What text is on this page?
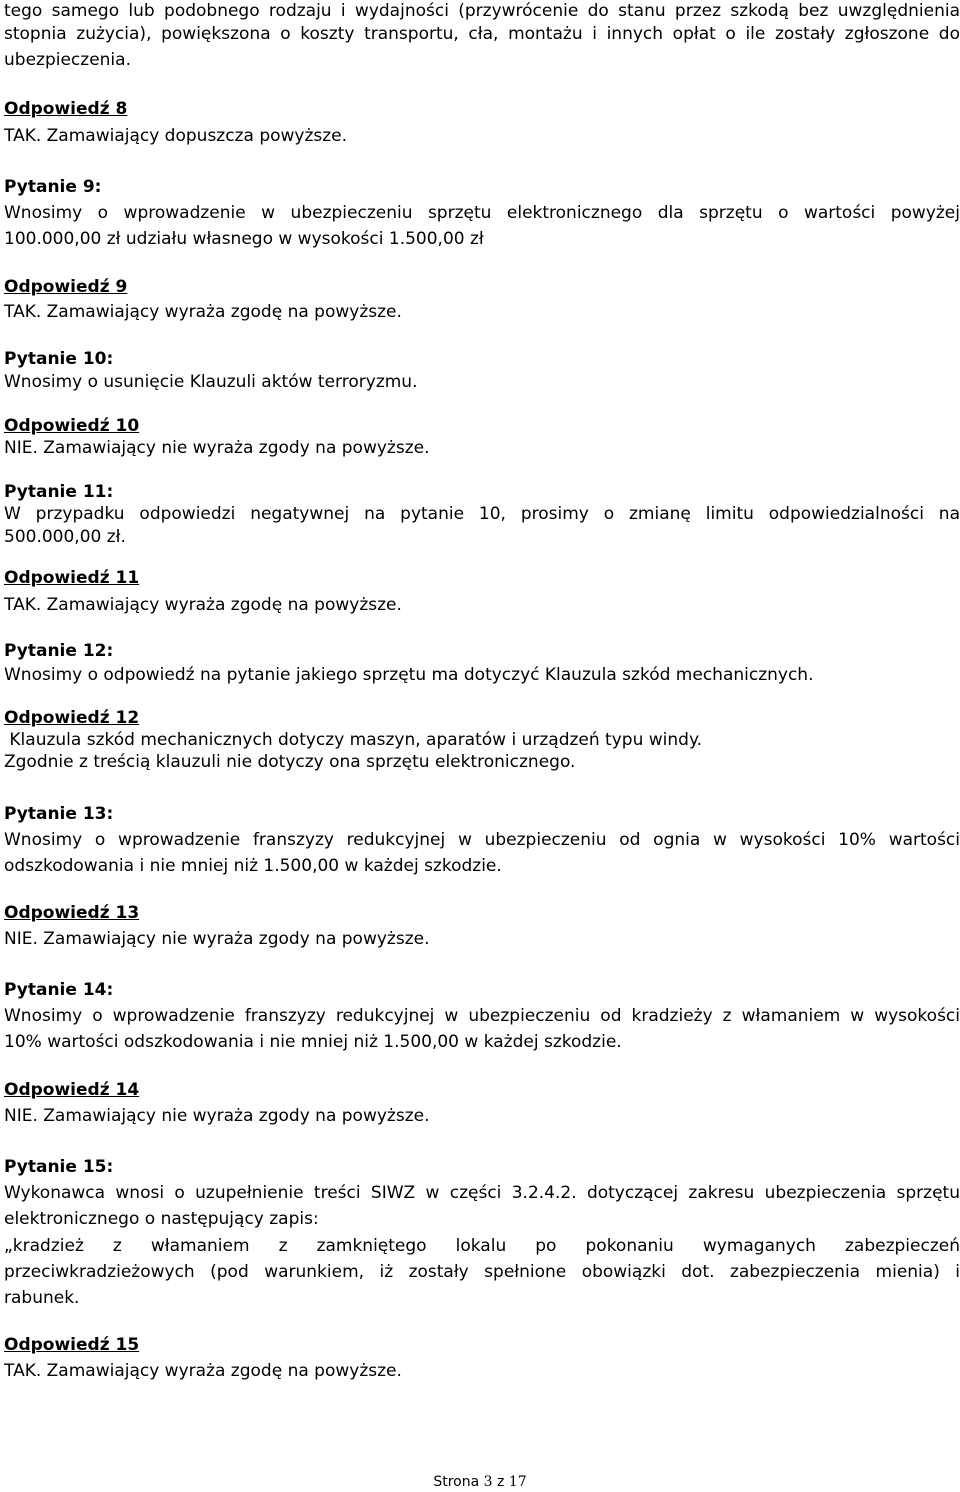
tego samego lub podobnego rodzaju i wydajności (przywrócenie do stanu przez szkodą bez uwzględnienia
stopnia zużycia), powiększona o koszty transportu, cła, montażu i innych opłat o ile zostały zgłoszone do
ubezpieczenia.
Odpowiedź 8
TAK. Zamawiający dopuszcza powyższe.
Pytanie 9:
Wnosimy o wprowadzenie w ubezpieczeniu sprzętu elektronicznego dla sprzętu o wartości powyżej
100.000,00 zł udziału własnego w wysokości 1.500,00 zł
Odpowiedź 9
TAK. Zamawiający wyraża zgodę na powyższe.
Pytanie 10:
Wnosimy o usunięcie Klauzuli aktów terroryzmu.
Odpowiedź 10
NIE. Zamawiający nie wyraża zgody na powyższe.
Pytanie 11:
W przypadku odpowiedzi negatywnej na pytanie 10, prosimy o zmianę limitu odpowiedzialności na
500.000,00 zł.
Odpowiedź 11
TAK. Zamawiający wyraża zgodę na powyższe.
Pytanie 12:
Wnosimy o odpowiedź na pytanie jakiego sprzętu ma dotyczyć Klauzula szkód mechanicznych.
Odpowiedź 12
Klauzula szkód mechanicznych dotyczy maszyn, aparatów i urządzeń typu windy.
Zgodnie z treścią klauzuli nie dotyczy ona sprzętu elektronicznego.
Pytanie 13:
Wnosimy o wprowadzenie franszyzy redukcyjnej w ubezpieczeniu od ognia w wysokości 10% wartości
odszkodowania i nie mniej niż 1.500,00 w każdej szkodzie.
Odpowiedź 13
NIE. Zamawiający nie wyraża zgody na powyższe.
Pytanie 14:
Wnosimy o wprowadzenie franszyzy redukcyjnej w ubezpieczeniu od kradzieży z włamaniem w wysokości
10% wartości odszkodowania i nie mniej niż 1.500,00 w każdej szkodzie.
Odpowiedź 14
NIE. Zamawiający nie wyraża zgody na powyższe.
Pytanie 15:
Wykonawca wnosi o uzupełnienie treści SIWZ w części 3.2.4.2. dotyczącej zakresu ubezpieczenia sprzętu
elektronicznego o następujący zapis:
„kradzież z włamaniem z zamkniętego lokalu po pokonaniu wymaganych zabezpieczeń
przeciwkradzieżowych (pod warunkiem, iż zostały spełnione obowiązki dot. zabezpieczenia mienia) i
rabunek.
Odpowiedź 15
TAK. Zamawiający wyraża zgodę na powyższe.
Strona 3 z 17
